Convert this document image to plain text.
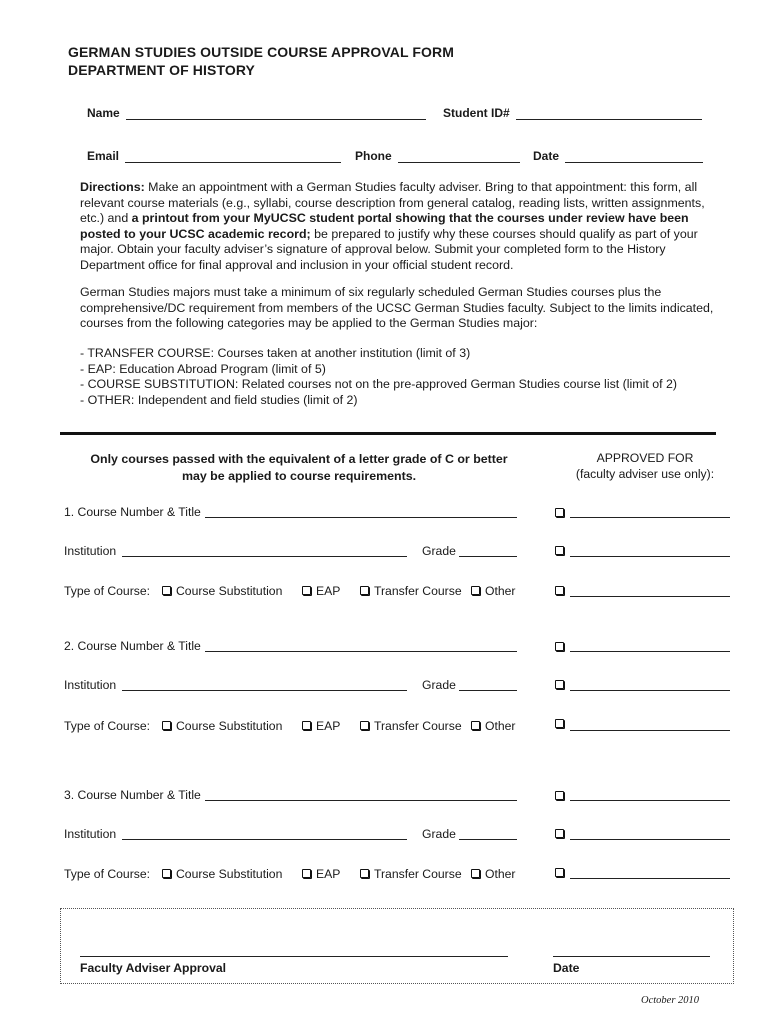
GERMAN STUDIES OUTSIDE COURSE APPROVAL FORM
DEPARTMENT OF HISTORY
Name	Student ID#
Email	Phone	Date
Directions: Make an appointment with a German Studies faculty adviser. Bring to that appointment: this form, all relevant course materials (e.g., syllabi, course description from general catalog, reading lists, written assignments, etc.) and a printout from your MyUCSC student portal showing that the courses under review have been posted to your UCSC academic record; be prepared to justify why these courses should qualify as part of your major. Obtain your faculty adviser’s signature of approval below. Submit your completed form to the History Department office for final approval and inclusion in your official student record.
German Studies majors must take a minimum of six regularly scheduled German Studies courses plus the comprehensive/DC requirement from members of the UCSC German Studies faculty. Subject to the limits indicated, courses from the following categories may be applied to the German Studies major:
- TRANSFER COURSE: Courses taken at another institution (limit of 3)
- EAP: Education Abroad Program (limit of 5)
- COURSE SUBSTITUTION: Related courses not on the pre-approved German Studies course list (limit of 2)
- OTHER: Independent and field studies (limit of 2)
Only courses passed with the equivalent of a letter grade of C or better
may be applied to course requirements.
APPROVED FOR
(faculty adviser use only):
1. Course Number & Title
Institution	Grade
Type of Course:	Course Substitution	EAP	Transfer Course	Other
2. Course Number & Title
Institution	Grade
Type of Course:	Course Substitution	EAP	Transfer Course	Other
3. Course Number & Title
Institution	Grade
Type of Course:	Course Substitution	EAP	Transfer Course	Other
Faculty Adviser Approval	Date
October 2010
